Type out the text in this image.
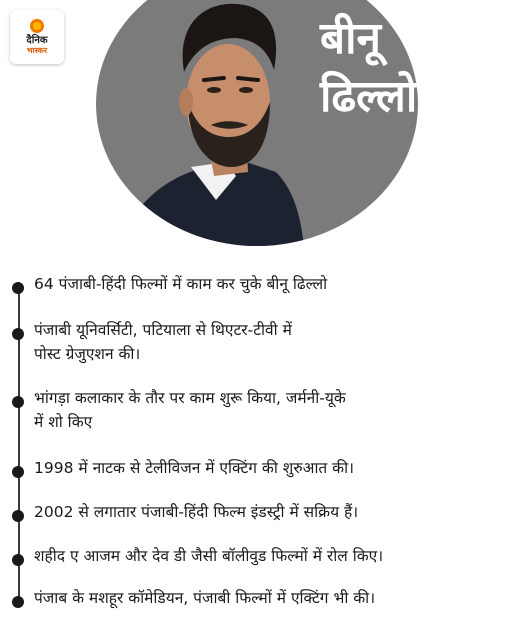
दैनिक
भास्कर	बीनू
ढिल्लो
64 पंजाबी-हिंदी फिल्मों में काम कर चुके बीनू ढिल्लो
पंजाबी यूनिवर्सिटी, पटियाला से थिएटर-टीवी में
पोस्ट ग्रेजुएशन की।
भांगड़ा कलाकार के तौर पर काम शुरू किया, जर्मनी-यूके
में शो किए
1998 में नाटक से टेलीविजन में एक्टिंग की शुरुआत की।
2002 से लगातार पंजाबी-हिंदी फिल्म इंडस्ट्री में सक्रिय हैं।
शहीद ए आजम और देव डी जैसी बॉलीवुड फिल्मों में रोल किए।
पंजाब के मशहूर कॉमेडियन, पंजाबी फिल्मों में एक्टिंग भी की।
